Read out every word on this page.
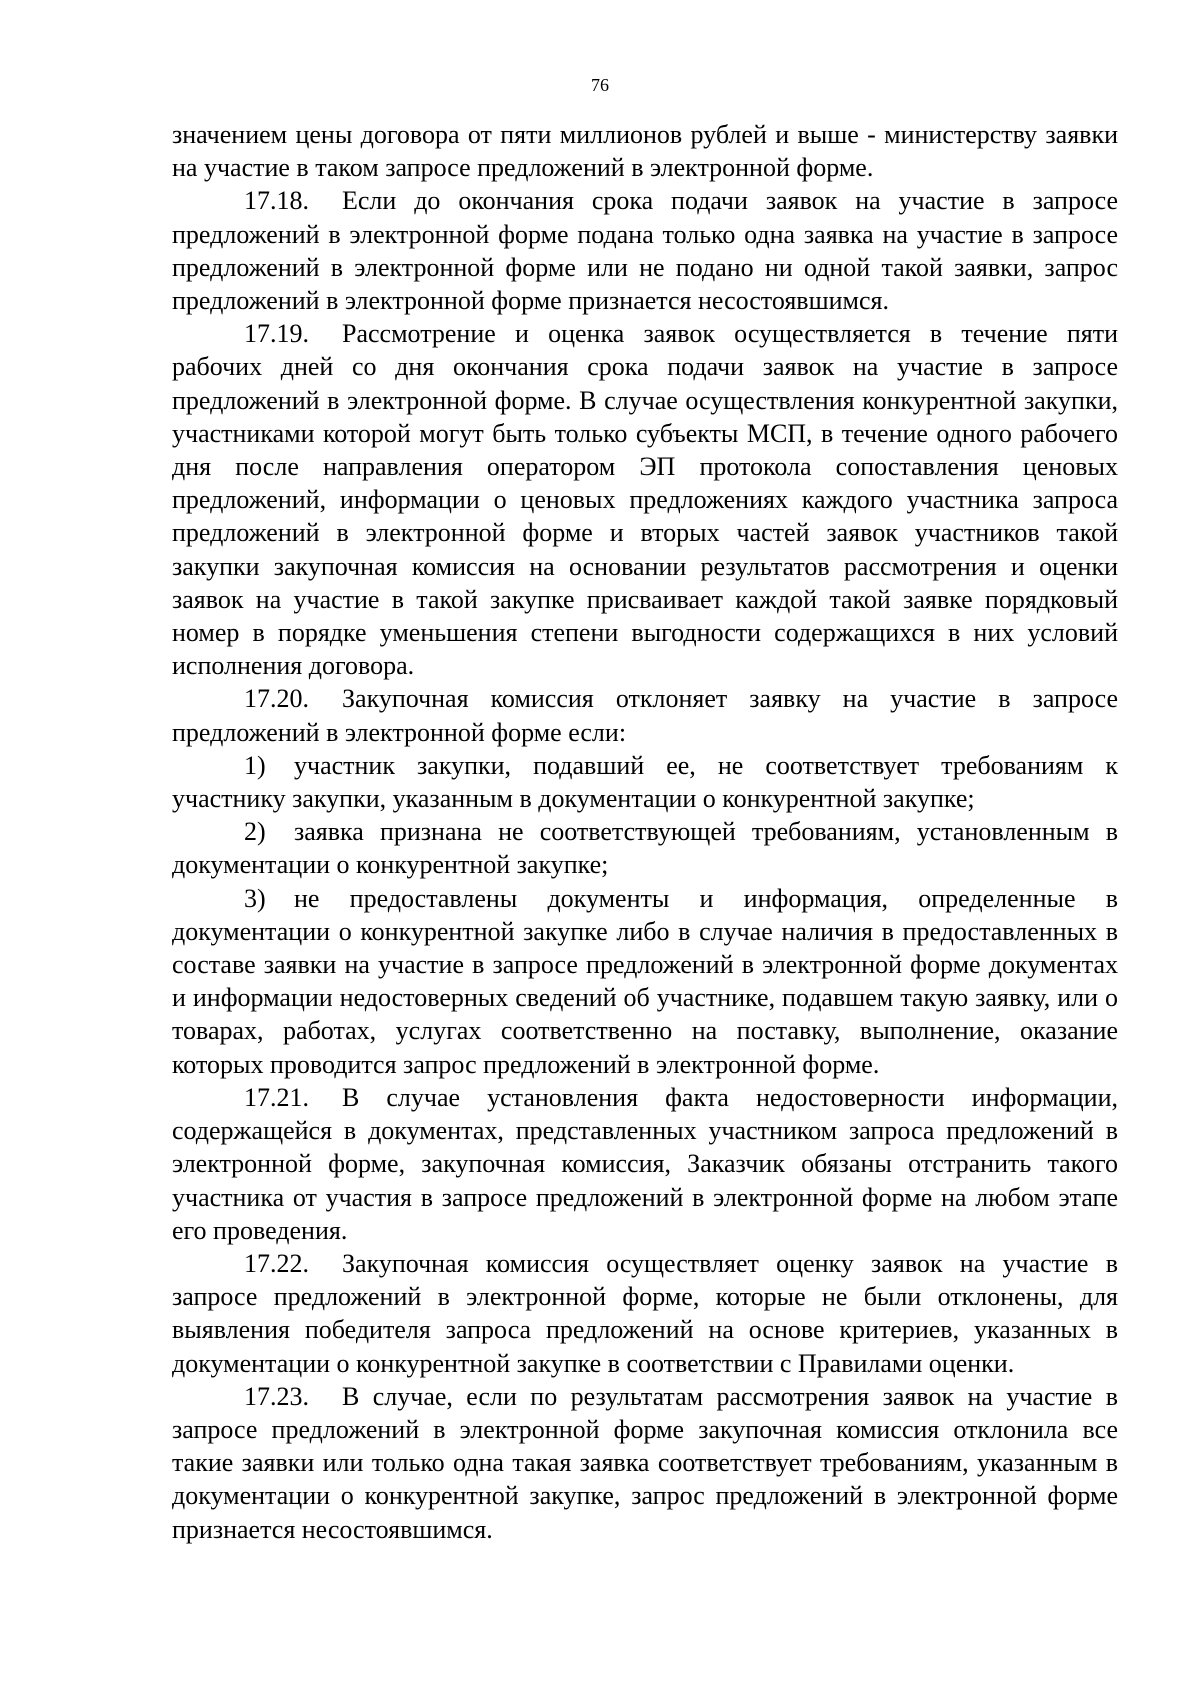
76

значением цены договора от пяти миллионов рублей и выше - министерству заявки на участие в таком запросе предложений в электронной форме.

17.18. Если до окончания срока подачи заявок на участие в запросе предложений в электронной форме подана только одна заявка на участие в запросе предложений в электронной форме или не подано ни одной такой заявки, запрос предложений в электронной форме признается несостоявшимся.

17.19. Рассмотрение и оценка заявок осуществляется в течение пяти рабочих дней со дня окончания срока подачи заявок на участие в запросе предложений в электронной форме. В случае осуществления конкурентной закупки, участниками которой могут быть только субъекты МСП, в течение одного рабочего дня после направления оператором ЭП протокола сопоставления ценовых предложений, информации о ценовых предложениях каждого участника запроса предложений в электронной форме и вторых частей заявок участников такой закупки закупочная комиссия на основании результатов рассмотрения и оценки заявок на участие в такой закупке присваивает каждой такой заявке порядковый номер в порядке уменьшения степени выгодности содержащихся в них условий исполнения договора.

17.20. Закупочная комиссия отклоняет заявку на участие в запросе предложений в электронной форме если:

1) участник закупки, подавший ее, не соответствует требованиям к участнику закупки, указанным в документации о конкурентной закупке;

2) заявка признана не соответствующей требованиям, установленным в документации о конкурентной закупке;

3) не предоставлены документы и информация, определенные в документации о конкурентной закупке либо в случае наличия в предоставленных в составе заявки на участие в запросе предложений в электронной форме документах и информации недостоверных сведений об участнике, подавшем такую заявку, или о товарах, работах, услугах соответственно на поставку, выполнение, оказание которых проводится запрос предложений в электронной форме.

17.21. В случае установления факта недостоверности информации, содержащейся в документах, представленных участником запроса предложений в электронной форме, закупочная комиссия, Заказчик обязаны отстранить такого участника от участия в запросе предложений в электронной форме на любом этапе его проведения.

17.22. Закупочная комиссия осуществляет оценку заявок на участие в запросе предложений в электронной форме, которые не были отклонены, для выявления победителя запроса предложений на основе критериев, указанных в документации о конкурентной закупке в соответствии с Правилами оценки.

17.23. В случае, если по результатам рассмотрения заявок на участие в запросе предложений в электронной форме закупочная комиссия отклонила все такие заявки или только одна такая заявка соответствует требованиям, указанным в документации о конкурентной закупке, запрос предложений в электронной форме признается несостоявшимся.
